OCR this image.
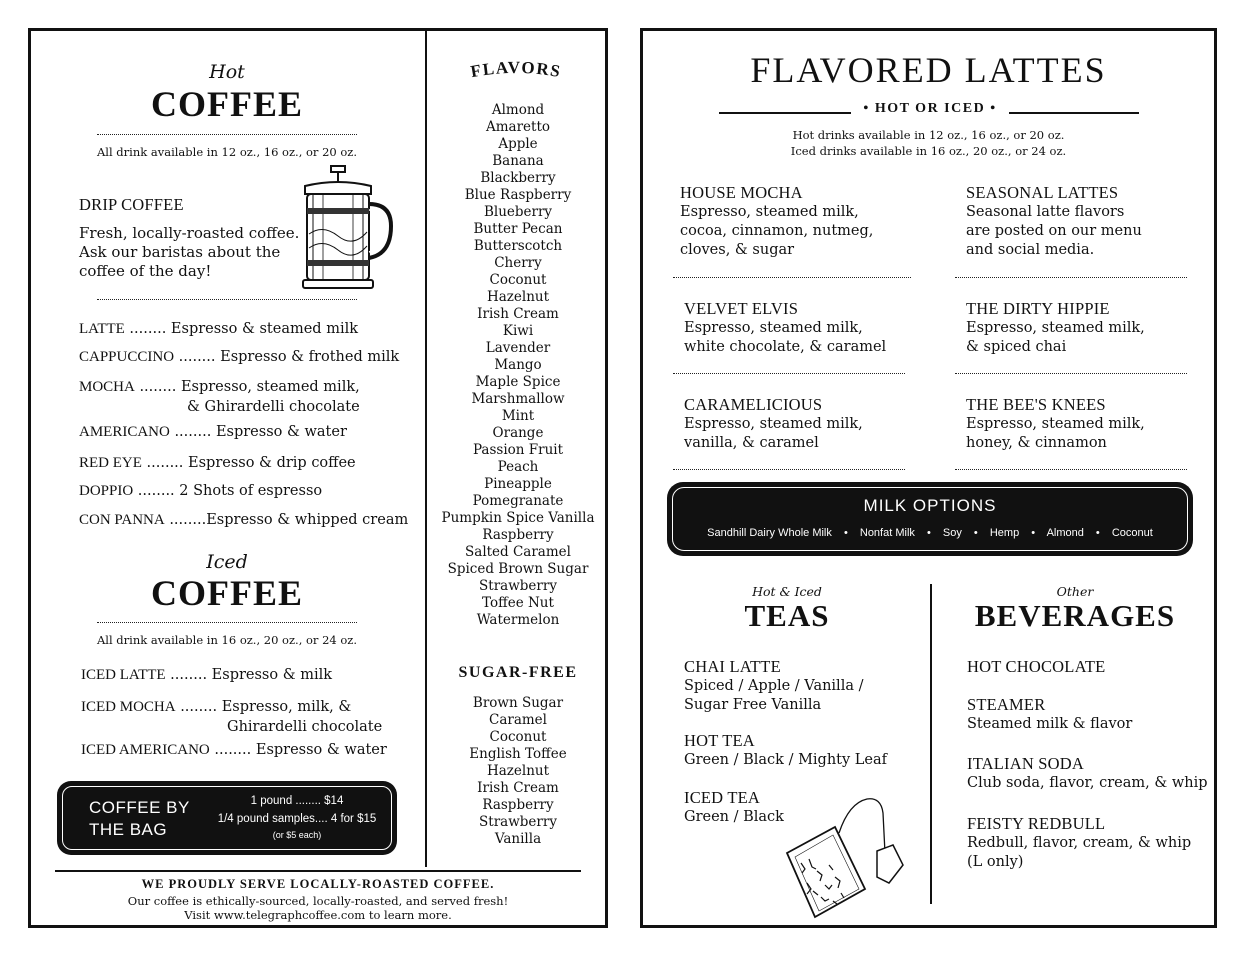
Hot
COFFEE
All drink available in 12 oz., 16 oz., or 20 oz.
DRIP COFFEE
Fresh, locally-roasted coffee.
Ask our baristas about the
coffee of the day!
LATTE ........ Espresso & steamed milk
CAPPUCCINO ........ Espresso & frothed milk
MOCHA ........ Espresso, steamed milk,
& Ghirardelli chocolate
AMERICANO ........ Espresso & water
RED EYE ........ Espresso & drip coffee
DOPPIO ........ 2 Shots of espresso
CON PANNA ........Espresso & whipped cream
Iced
COFFEE
All drink available in 16 oz., 20 oz., or 24 oz.
ICED LATTE ........ Espresso & milk
ICED MOCHA ........ Espresso, milk, &
Ghirardelli chocolate
ICED AMERICANO ........ Espresso & water
COFFEE BY
THE BAG
1 pound ........ $14
1/4 pound samples.... 4 for $15
(or $5 each)
FLAVORS
Almond
Amaretto
Apple
Banana
Blackberry
Blue Raspberry
Blueberry
Butter Pecan
Butterscotch
Cherry
Coconut
Hazelnut
Irish Cream
Kiwi
Lavender
Mango
Maple Spice
Marshmallow
Mint
Orange
Passion Fruit
Peach
Pineapple
Pomegranate
Pumpkin Spice Vanilla
Raspberry
Salted Caramel
Spiced Brown Sugar
Strawberry
Toffee Nut
Watermelon
SUGAR-FREE
Brown Sugar
Caramel
Coconut
English Toffee
Hazelnut
Irish Cream
Raspberry
Strawberry
Vanilla
WE PROUDLY SERVE LOCALLY-ROASTED COFFEE.
Our coffee is ethically-sourced, locally-roasted, and served fresh!
Visit www.telegraphcoffee.com to learn more.
FLAVORED LATTES
• HOT OR ICED •
Hot drinks available in 12 oz., 16 oz., or 20 oz.
Iced drinks available in 16 oz., 20 oz., or 24 oz.
HOUSE MOCHA
Espresso, steamed milk,
cocoa, cinnamon, nutmeg,
cloves, & sugar
SEASONAL LATTES
Seasonal latte flavors
are posted on our menu
and social media.
VELVET ELVIS
Espresso, steamed milk,
white chocolate, & caramel
THE DIRTY HIPPIE
Espresso, steamed milk,
& spiced chai
CARAMELICIOUS
Espresso, steamed milk,
vanilla, & caramel
THE BEE'S KNEES
Espresso, steamed milk,
honey, & cinnamon
MILK OPTIONS
Sandhill Dairy Whole Milk • Nonfat Milk • Soy • Hemp • Almond • Coconut
Hot & Iced
TEAS
CHAI LATTE
Spiced / Apple / Vanilla /
Sugar Free Vanilla
HOT TEA
Green / Black / Mighty Leaf
ICED TEA
Green / Black
Other
BEVERAGES
HOT CHOCOLATE
STEAMER
Steamed milk & flavor
ITALIAN SODA
Club soda, flavor, cream, & whip
FEISTY REDBULL
Redbull, flavor, cream, & whip
(L only)
